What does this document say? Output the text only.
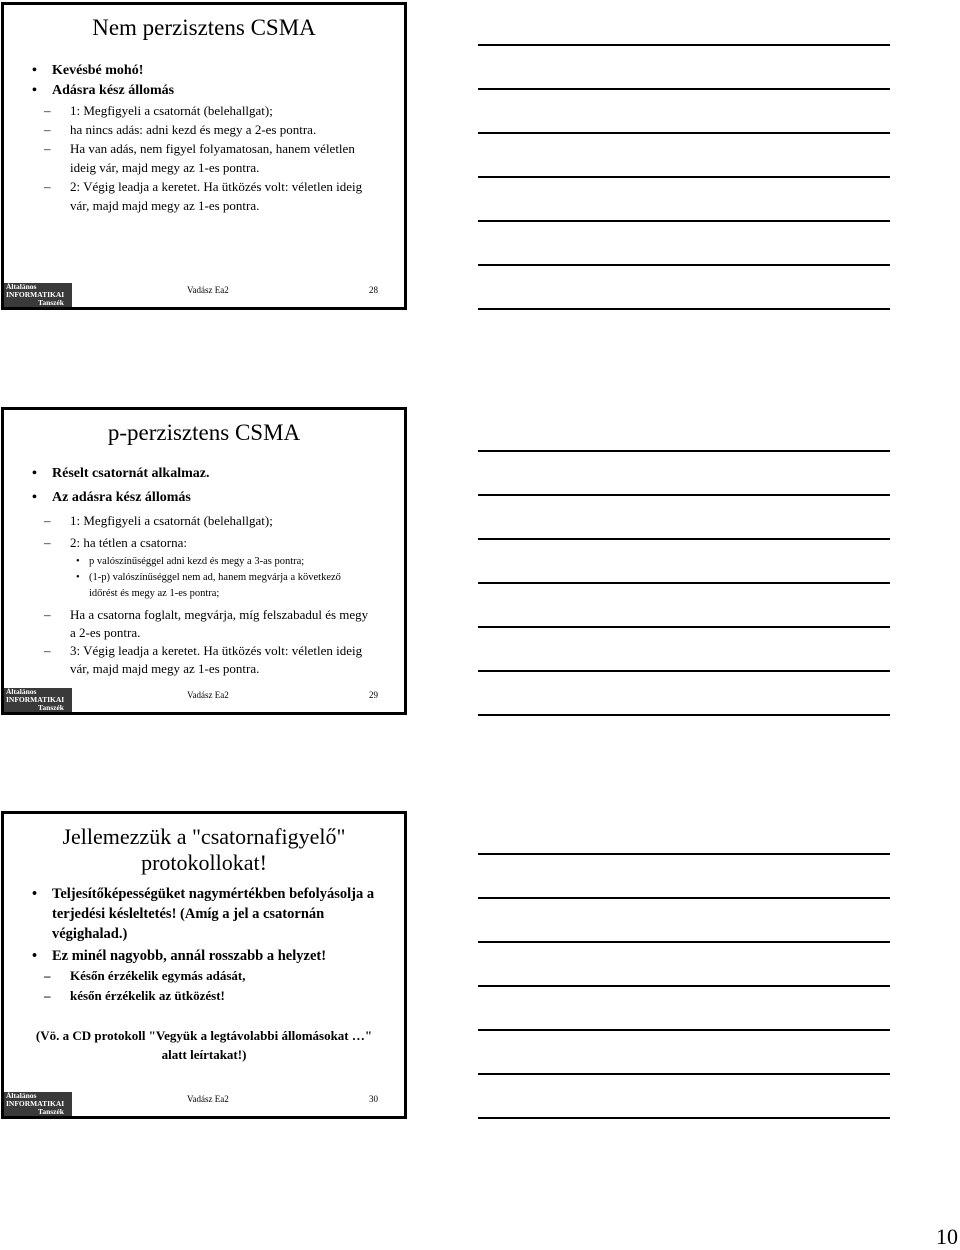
Nem perzisztens CSMA
• Kevésbé mohó!
• Adásra kész állomás
– 1: Megfigyeli a csatornát (belehallgat);
– ha nincs adás: adni kezd és megy a 2-es pontra.
– Ha van adás, nem figyel folyamatosan, hanem véletlen ideig vár, majd megy az 1-es pontra.
– 2: Végig leadja a keretet. Ha ütközés volt: véletlen ideig vár, majd majd megy az 1-es pontra.
Általános
INFORMATIKAI
Tanszék
Vadász Ea2	28
p-perzisztens CSMA
• Réselt csatornát alkalmaz.
• Az adásra kész állomás
– 1: Megfigyeli a csatornát (belehallgat);
– 2: ha tétlen a csatorna:
• p valószínűséggel adni kezd és megy a 3-as pontra;
• (1-p) valószínűséggel nem ad, hanem megvárja a következő időrést és megy az 1-es pontra;
– Ha a csatorna foglalt, megvárja, míg felszabadul és megy a 2-es pontra.
– 3: Végig leadja a keretet. Ha ütközés volt: véletlen ideig vár, majd majd megy az 1-es pontra.
Általános
INFORMATIKAI
Tanszék
Vadász Ea2	29
Jellemezzük a "csatornafigyelő" protokollokat!
• Teljesítőképességüket nagymértékben befolyásolja a terjedési késleltetés! (Amíg a jel a csatornán végighalad.)
• Ez minél nagyobb, annál rosszabb a helyzet!
– Későn érzékelik egymás adását,
– későn érzékelik az ütközést!
(Vö. a CD protokoll "Vegyük a legtávolabbi állomásokat …" alatt leírtakat!)
Általános
INFORMATIKAI
Tanszék
Vadász Ea2	30
10
